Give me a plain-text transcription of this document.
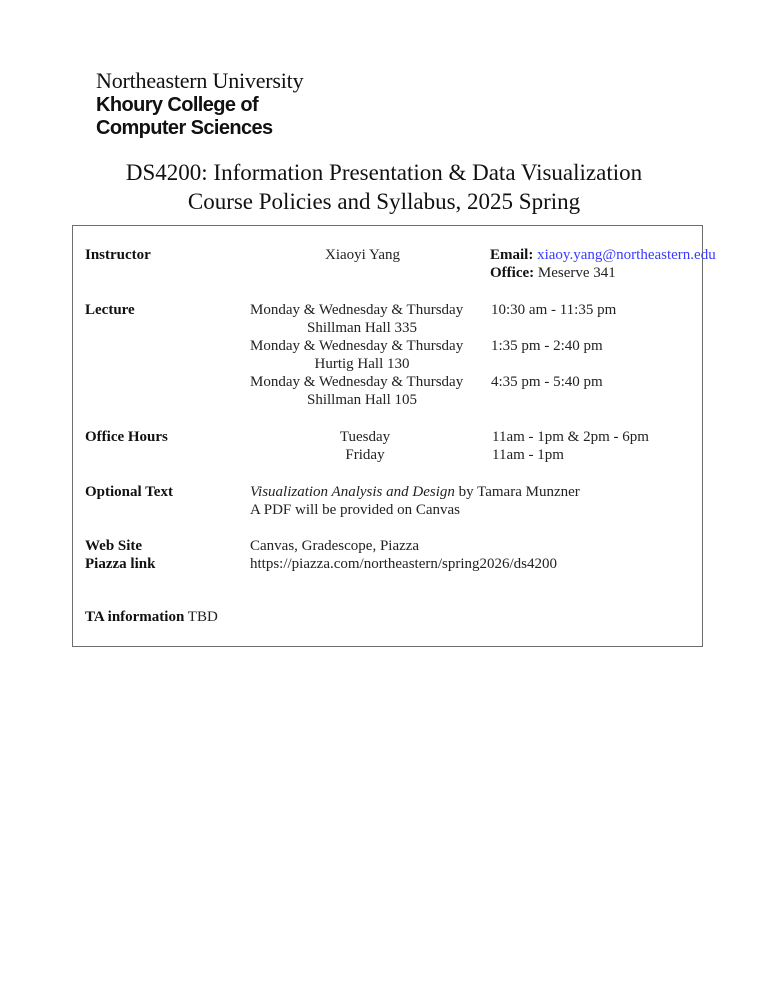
Northeastern University
Khoury College of
Computer Sciences
DS4200: Information Presentation & Data Visualization
Course Policies and Syllabus, 2025 Spring
Instructor	Xiaoyi Yang	Email: xiaoy.yang@northeastern.edu
Office: Meserve 341
Lecture	Monday & Wednesday & Thursday 10:30 am - 11:35 pm
Shillman Hall 335
Monday & Wednesday & Thursday 1:35 pm - 2:40 pm
Hurtig Hall 130
Monday & Wednesday & Thursday 4:35 pm - 5:40 pm
Shillman Hall 105
Office Hours	Tuesday	11am - 1pm & 2pm - 6pm
Friday	11am - 1pm
Optional Text	Visualization Analysis and Design by Tamara Munzner
A PDF will be provided on Canvas
Web Site	Canvas, Gradescope, Piazza
Piazza link	https://piazza.com/northeastern/spring2026/ds4200
TA information TBD
